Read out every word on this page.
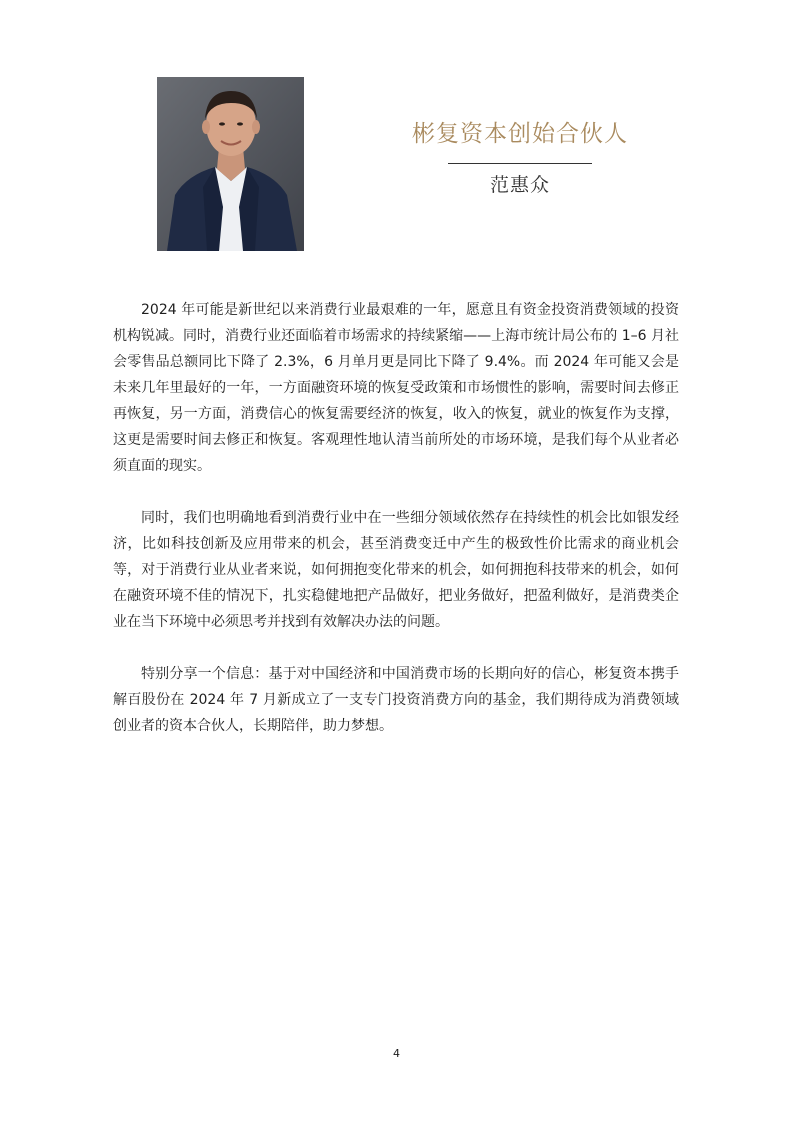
彬复资本创始合伙人
范惠众

2024 年可能是新世纪以来消费行业最艰难的一年，愿意且有资金投资消费领域的投资机构锐减。同时，消费行业还面临着市场需求的持续紧缩——上海市统计局公布的 1–6 月社会零售品总额同比下降了 2.3%，6 月单月更是同比下降了 9.4%。而 2024 年可能又会是未来几年里最好的一年，一方面融资环境的恢复受政策和市场惯性的影响，需要时间去修正再恢复，另一方面，消费信心的恢复需要经济的恢复，收入的恢复，就业的恢复作为支撑，这更是需要时间去修正和恢复。客观理性地认清当前所处的市场环境，是我们每个从业者必须直面的现实。

同时，我们也明确地看到消费行业中在一些细分领域依然存在持续性的机会比如银发经济，比如科技创新及应用带来的机会，甚至消费变迁中产生的极致性价比需求的商业机会等，对于消费行业从业者来说，如何拥抱变化带来的机会，如何拥抱科技带来的机会，如何在融资环境不佳的情况下，扎实稳健地把产品做好，把业务做好，把盈利做好，是消费类企业在当下环境中必须思考并找到有效解决办法的问题。

特别分享一个信息：基于对中国经济和中国消费市场的长期向好的信心，彬复资本携手解百股份在 2024 年 7 月新成立了一支专门投资消费方向的基金，我们期待成为消费领域创业者的资本合伙人，长期陪伴，助力梦想。

4
